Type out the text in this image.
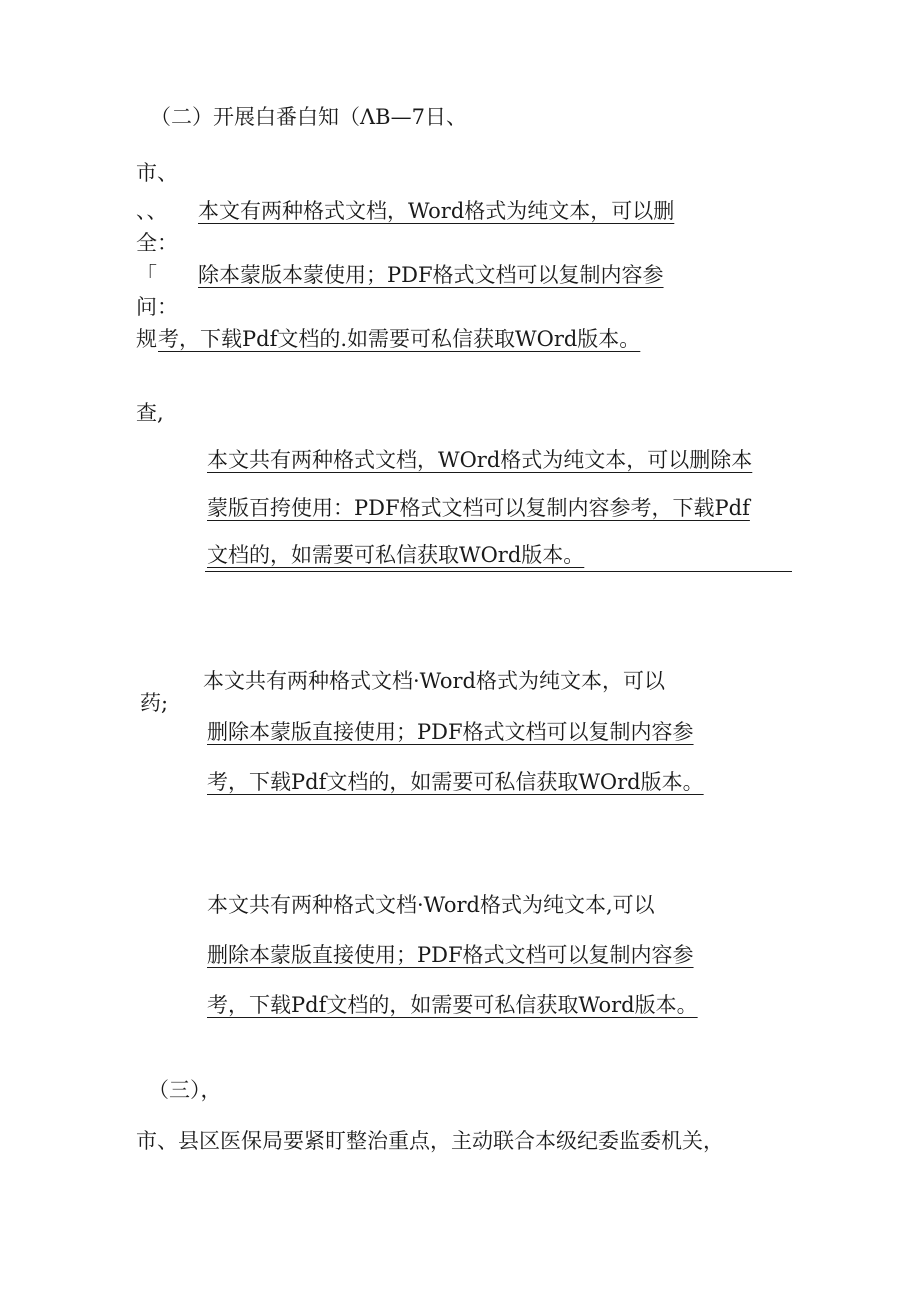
（二）开展白番白知（ΛB—7日、
市、
、、 本文有两种格式文档，Word格式为纯文本，可以删
全：
「 除本蒙版本蒙使用；PDF格式文档可以复制内容参
问：
规 考，下载Pdf文档的.如需要可私信获取WOrd版本。
查,
本文共有两种格式文档，WOrd格式为纯文本，可以删除本
蒙版百挎使用：PDF格式文档可以复制内容参考，下载Pdf
文档的，如需要可私信获取WOrd版本。
药;
本文共有两种格式文档·Word格式为纯文本，可以
删除本蒙版直接使用；PDF格式文档可以复制内容参
考，下载Pdf文档的，如需要可私信获取WOrd版本。
本文共有两种格式文档·Word格式为纯文本,可以
删除本蒙版直接使用；PDF格式文档可以复制内容参
考，下载Pdf文档的，如需要可私信获取Word版本。
（三），
市、县区医保局要紧盯整治重点，主动联合本级纪委监委机关，
